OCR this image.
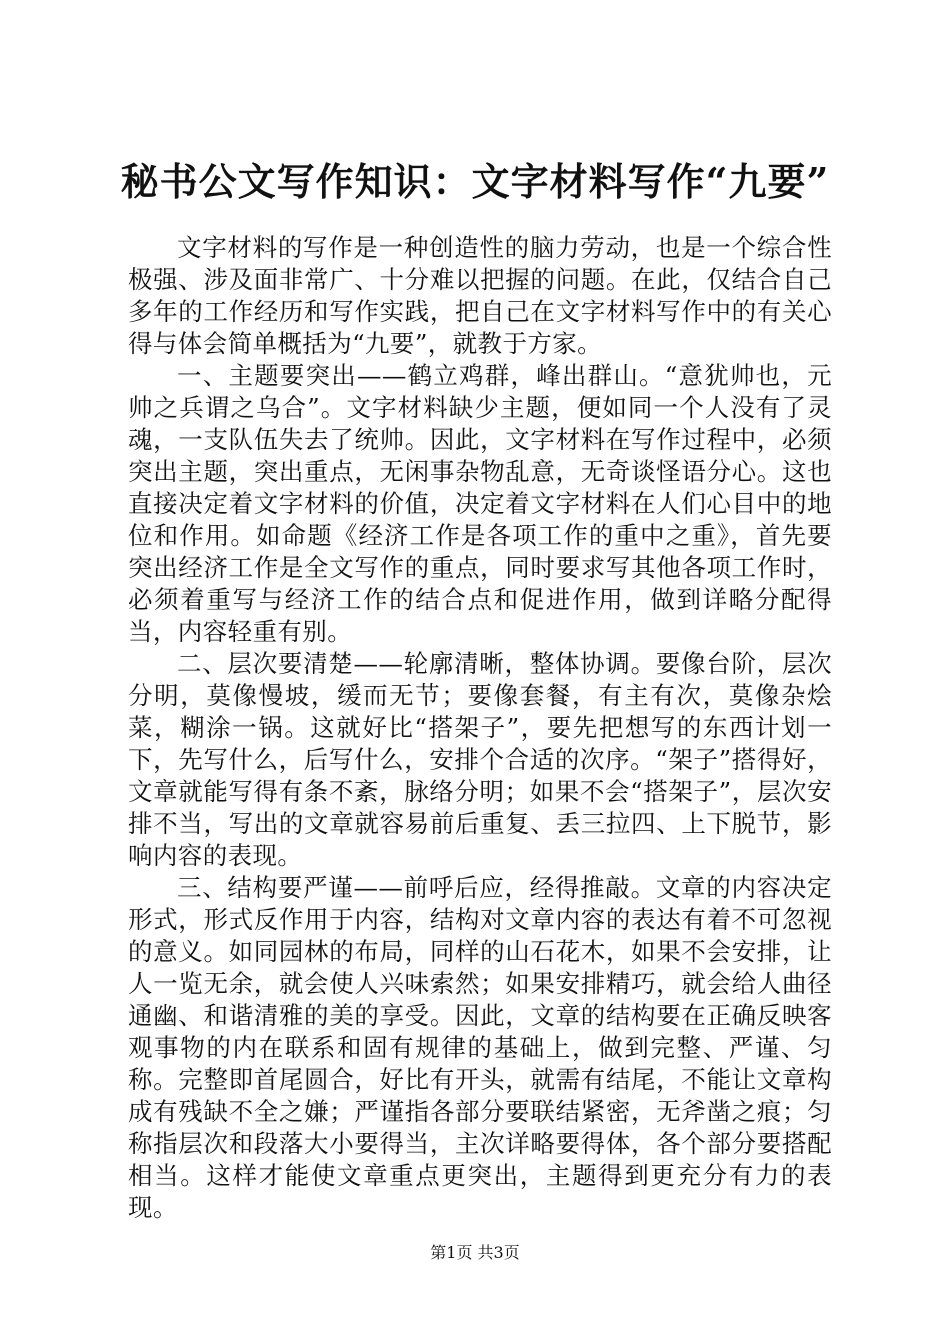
秘书公文写作知识：文字材料写作“九要”

文字材料的写作是一种创造性的脑力劳动，也是一个综合性极强、涉及面非常广、十分难以把握的问题。在此，仅结合自己多年的工作经历和写作实践，把自己在文字材料写作中的有关心得与体会简单概括为“九要”，就教于方家。

一、主题要突出——鹤立鸡群，峰出群山。“意犹帅也，元帅之兵谓之乌合”。文字材料缺少主题，便如同一个人没有了灵魂，一支队伍失去了统帅。因此，文字材料在写作过程中，必须突出主题，突出重点，无闲事杂物乱意，无奇谈怪语分心。这也直接决定着文字材料的价值，决定着文字材料在人们心目中的地位和作用。如命题《经济工作是各项工作的重中之重》，首先要突出经济工作是全文写作的重点，同时要求写其他各项工作时，必须着重写与经济工作的结合点和促进作用，做到详略分配得当，内容轻重有别。

二、层次要清楚——轮廓清晰，整体协调。要像台阶，层次分明，莫像慢坡，缓而无节；要像套餐，有主有次，莫像杂烩菜，糊涂一锅。这就好比“搭架子”，要先把想写的东西计划一下，先写什么，后写什么，安排个合适的次序。“架子”搭得好，文章就能写得有条不紊，脉络分明；如果不会“搭架子”，层次安排不当，写出的文章就容易前后重复、丢三拉四、上下脱节，影响内容的表现。

三、结构要严谨——前呼后应，经得推敲。文章的内容决定形式，形式反作用于内容，结构对文章内容的表达有着不可忽视的意义。如同园林的布局，同样的山石花木，如果不会安排，让人一览无余，就会使人兴味索然；如果安排精巧，就会给人曲径通幽、和谐清雅的美的享受。因此，文章的结构要在正确反映客观事物的内在联系和固有规律的基础上，做到完整、严谨、匀称。完整即首尾圆合，好比有开头，就需有结尾，不能让文章构成有残缺不全之嫌；严谨指各部分要联结紧密，无斧凿之痕；匀称指层次和段落大小要得当，主次详略要得体，各个部分要搭配相当。这样才能使文章重点更突出，主题得到更充分有力的表现。

第1页 共3页
